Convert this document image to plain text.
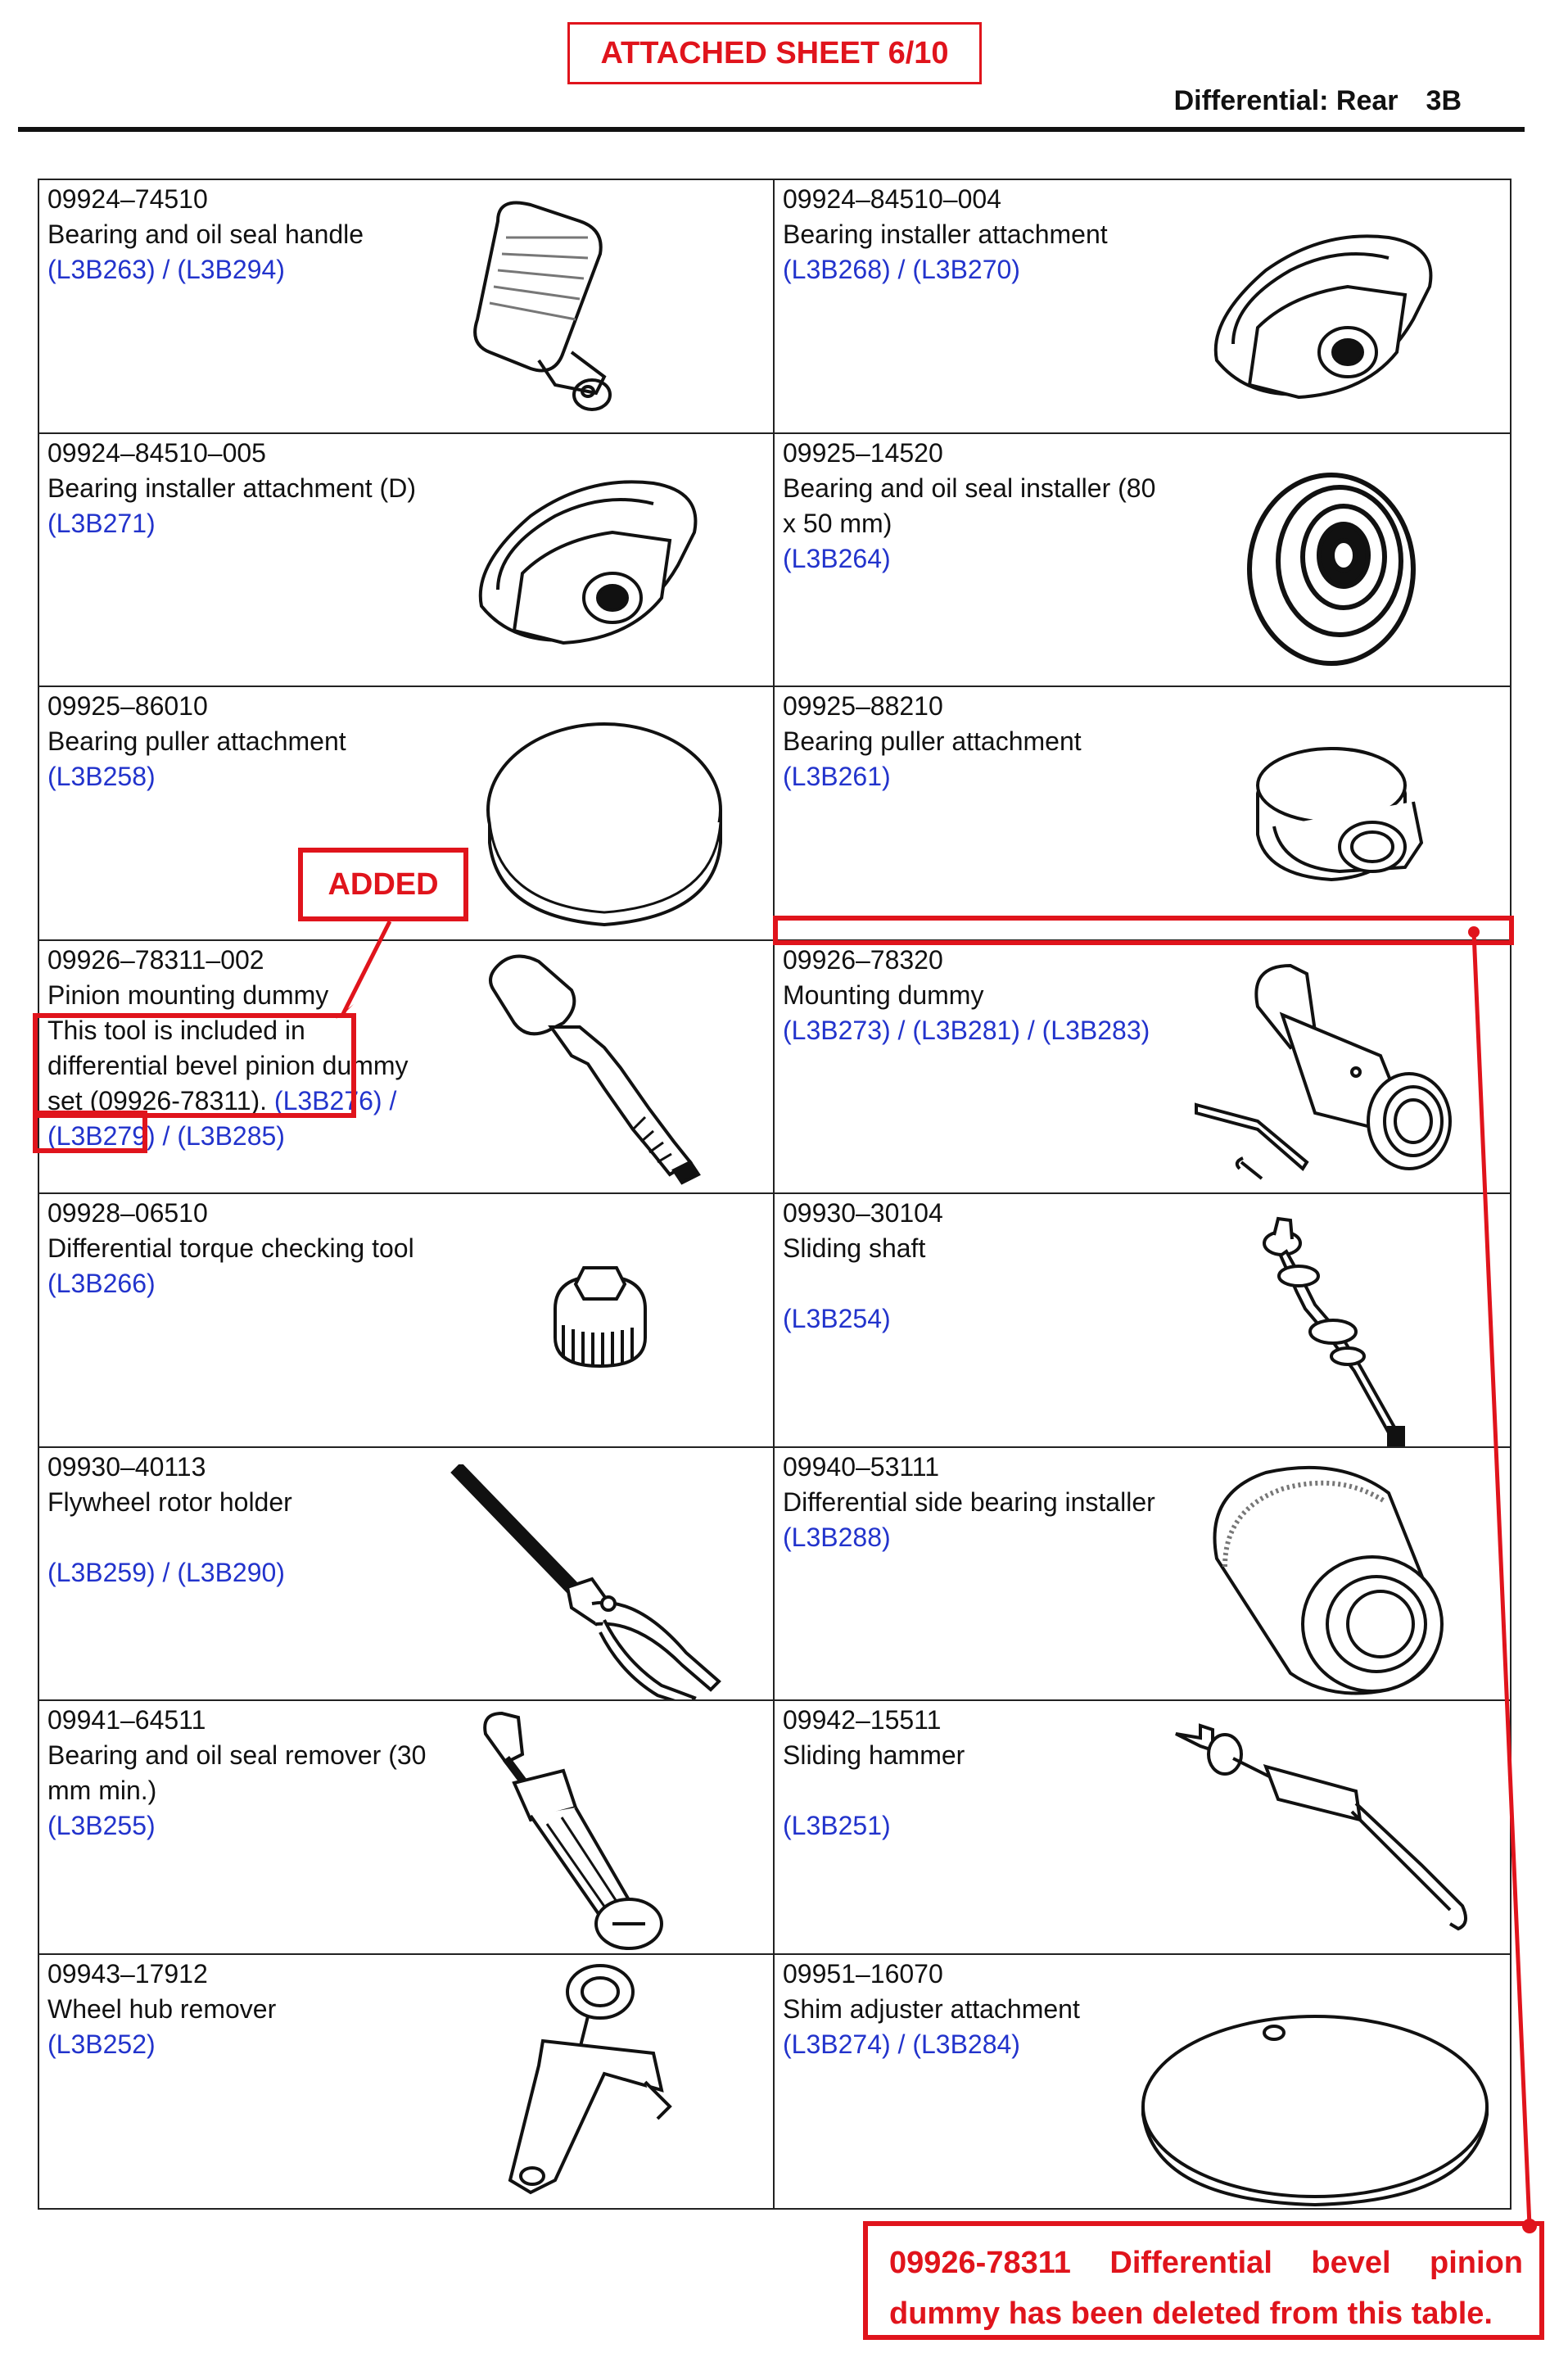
ATTACHED SHEET 6/10
Differential: Rear 3B
09924–74510
Bearing and oil seal handle
(L3B263) / (L3B294)
09924–84510–004
Bearing installer attachment
(L3B268) / (L3B270)
09924–84510–005
Bearing installer attachment (D)
(L3B271)
09925–14520
Bearing and oil seal installer (80 x 50 mm)
(L3B264)
09925–86010
Bearing puller attachment
(L3B258)
09925–88210
Bearing puller attachment
(L3B261)
09926–78311–002
Pinion mounting dummy
This tool is included in differential bevel pinion dummy set (09926-78311). (L3B276) / (L3B279) / (L3B285)
09926–78320
Mounting dummy
(L3B273) / (L3B281) / (L3B283)
09928–06510
Differential torque checking tool
(L3B266)
09930–30104
Sliding shaft
(L3B254)
09930–40113
Flywheel rotor holder
(L3B259) / (L3B290)
09940–53111
Differential side bearing installer
(L3B288)
09941–64511
Bearing and oil seal remover (30 mm min.)
(L3B255)
09942–15511
Sliding hammer
(L3B251)
09943–17912
Wheel hub remover
(L3B252)
09951–16070
Shim adjuster attachment
(L3B274) / (L3B284)
ADDED
09926-78311 Differential bevel pinion dummy has been deleted from this table.
